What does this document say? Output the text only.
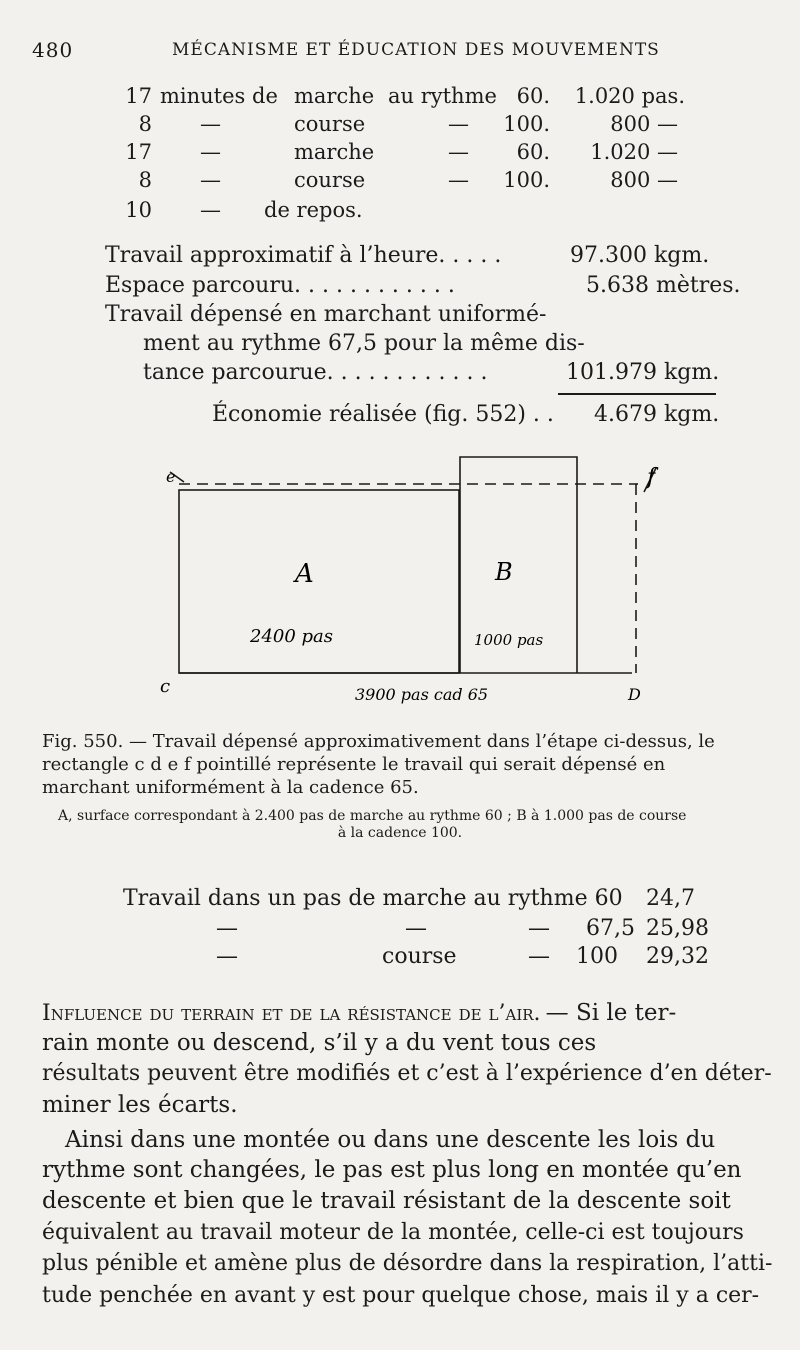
480	MÉCANISME ET ÉDUCATION DES MOUVEMENTS
17 minutes de marche au rythme 60.	1.020 pas.
8 —	course	—	100.	800 —
17 —	marche	—	60.	1.020 —
8 —	course	—	100.	800 —
10 — de repos.
Travail approximatif à l’heure. . . . .	97.300 kgm.
Espace parcouru. . . . . . . . . . . .	5.638 mètres.
Travail dépensé en marchant uniformé-
ment au rythme 67,5 pour la même dis-
tance parcourue. . . . . . . . . . . .	101.979 kgm.
Économie réalisée (fig. 552) . . 4.679 kgm.
e	f
c	D
A	B
2400 pas	1000 pas
3900 pas cad 65
Fig. 550. — Travail dépensé approximativement dans l’étape ci-dessus, le
rectangle c d e f pointillé représente le travail qui serait dépensé en
marchant uniformément à la cadence 65.
A, surface correspondant à 2.400 pas de marche au rythme 60 ; B à 1.000 pas de course
à la cadence 100.
Travail dans un pas de marche au rythme 60 24,7
—	—	— 67,5 25,98
—	course	— 100 29,32
Influence du terrain et de la résistance de l’air. — Si le ter-
rain monte ou descend, s’il y a du vent tous ces
résultats peuvent être modifiés et c’est à l’expérience d’en déter-
miner les écarts.
Ainsi dans une montée ou dans une descente les lois du
rythme sont changées, le pas est plus long en montée qu’en
descente et bien que le travail résistant de la descente soit
équivalent au travail moteur de la montée, celle-ci est toujours
plus pénible et amène plus de désordre dans la respiration, l’atti-
tude penchée en avant y est pour quelque chose, mais il y a cer-
